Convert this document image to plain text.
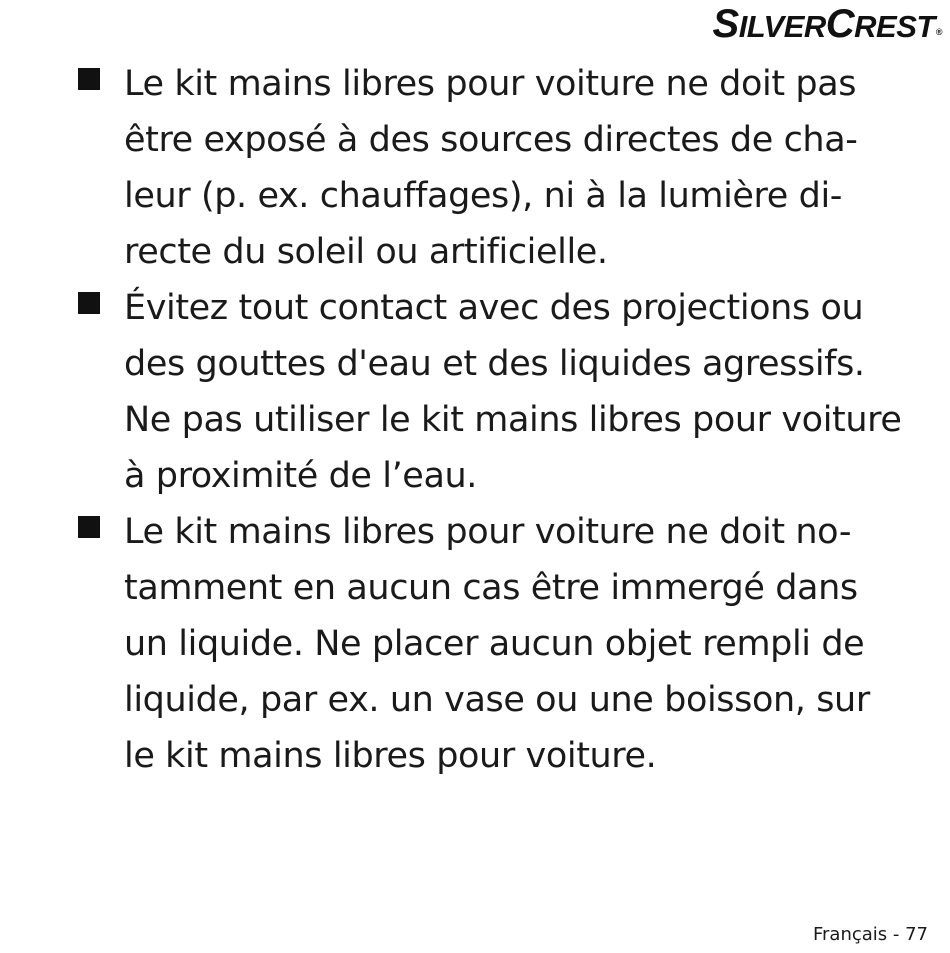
SILVERCREST®

Le kit mains libres pour voiture ne doit pas
être exposé à des sources directes de cha-
leur (p. ex. chauffages), ni à la lumière di-
recte du soleil ou artificielle.

Évitez tout contact avec des projections ou
des gouttes d'eau et des liquides agressifs.
Ne pas utiliser le kit mains libres pour voiture
à proximité de l’eau.

Le kit mains libres pour voiture ne doit no-
tamment en aucun cas être immergé dans
un liquide. Ne placer aucun objet rempli de
liquide, par ex. un vase ou une boisson, sur
le kit mains libres pour voiture.

Français - 77
